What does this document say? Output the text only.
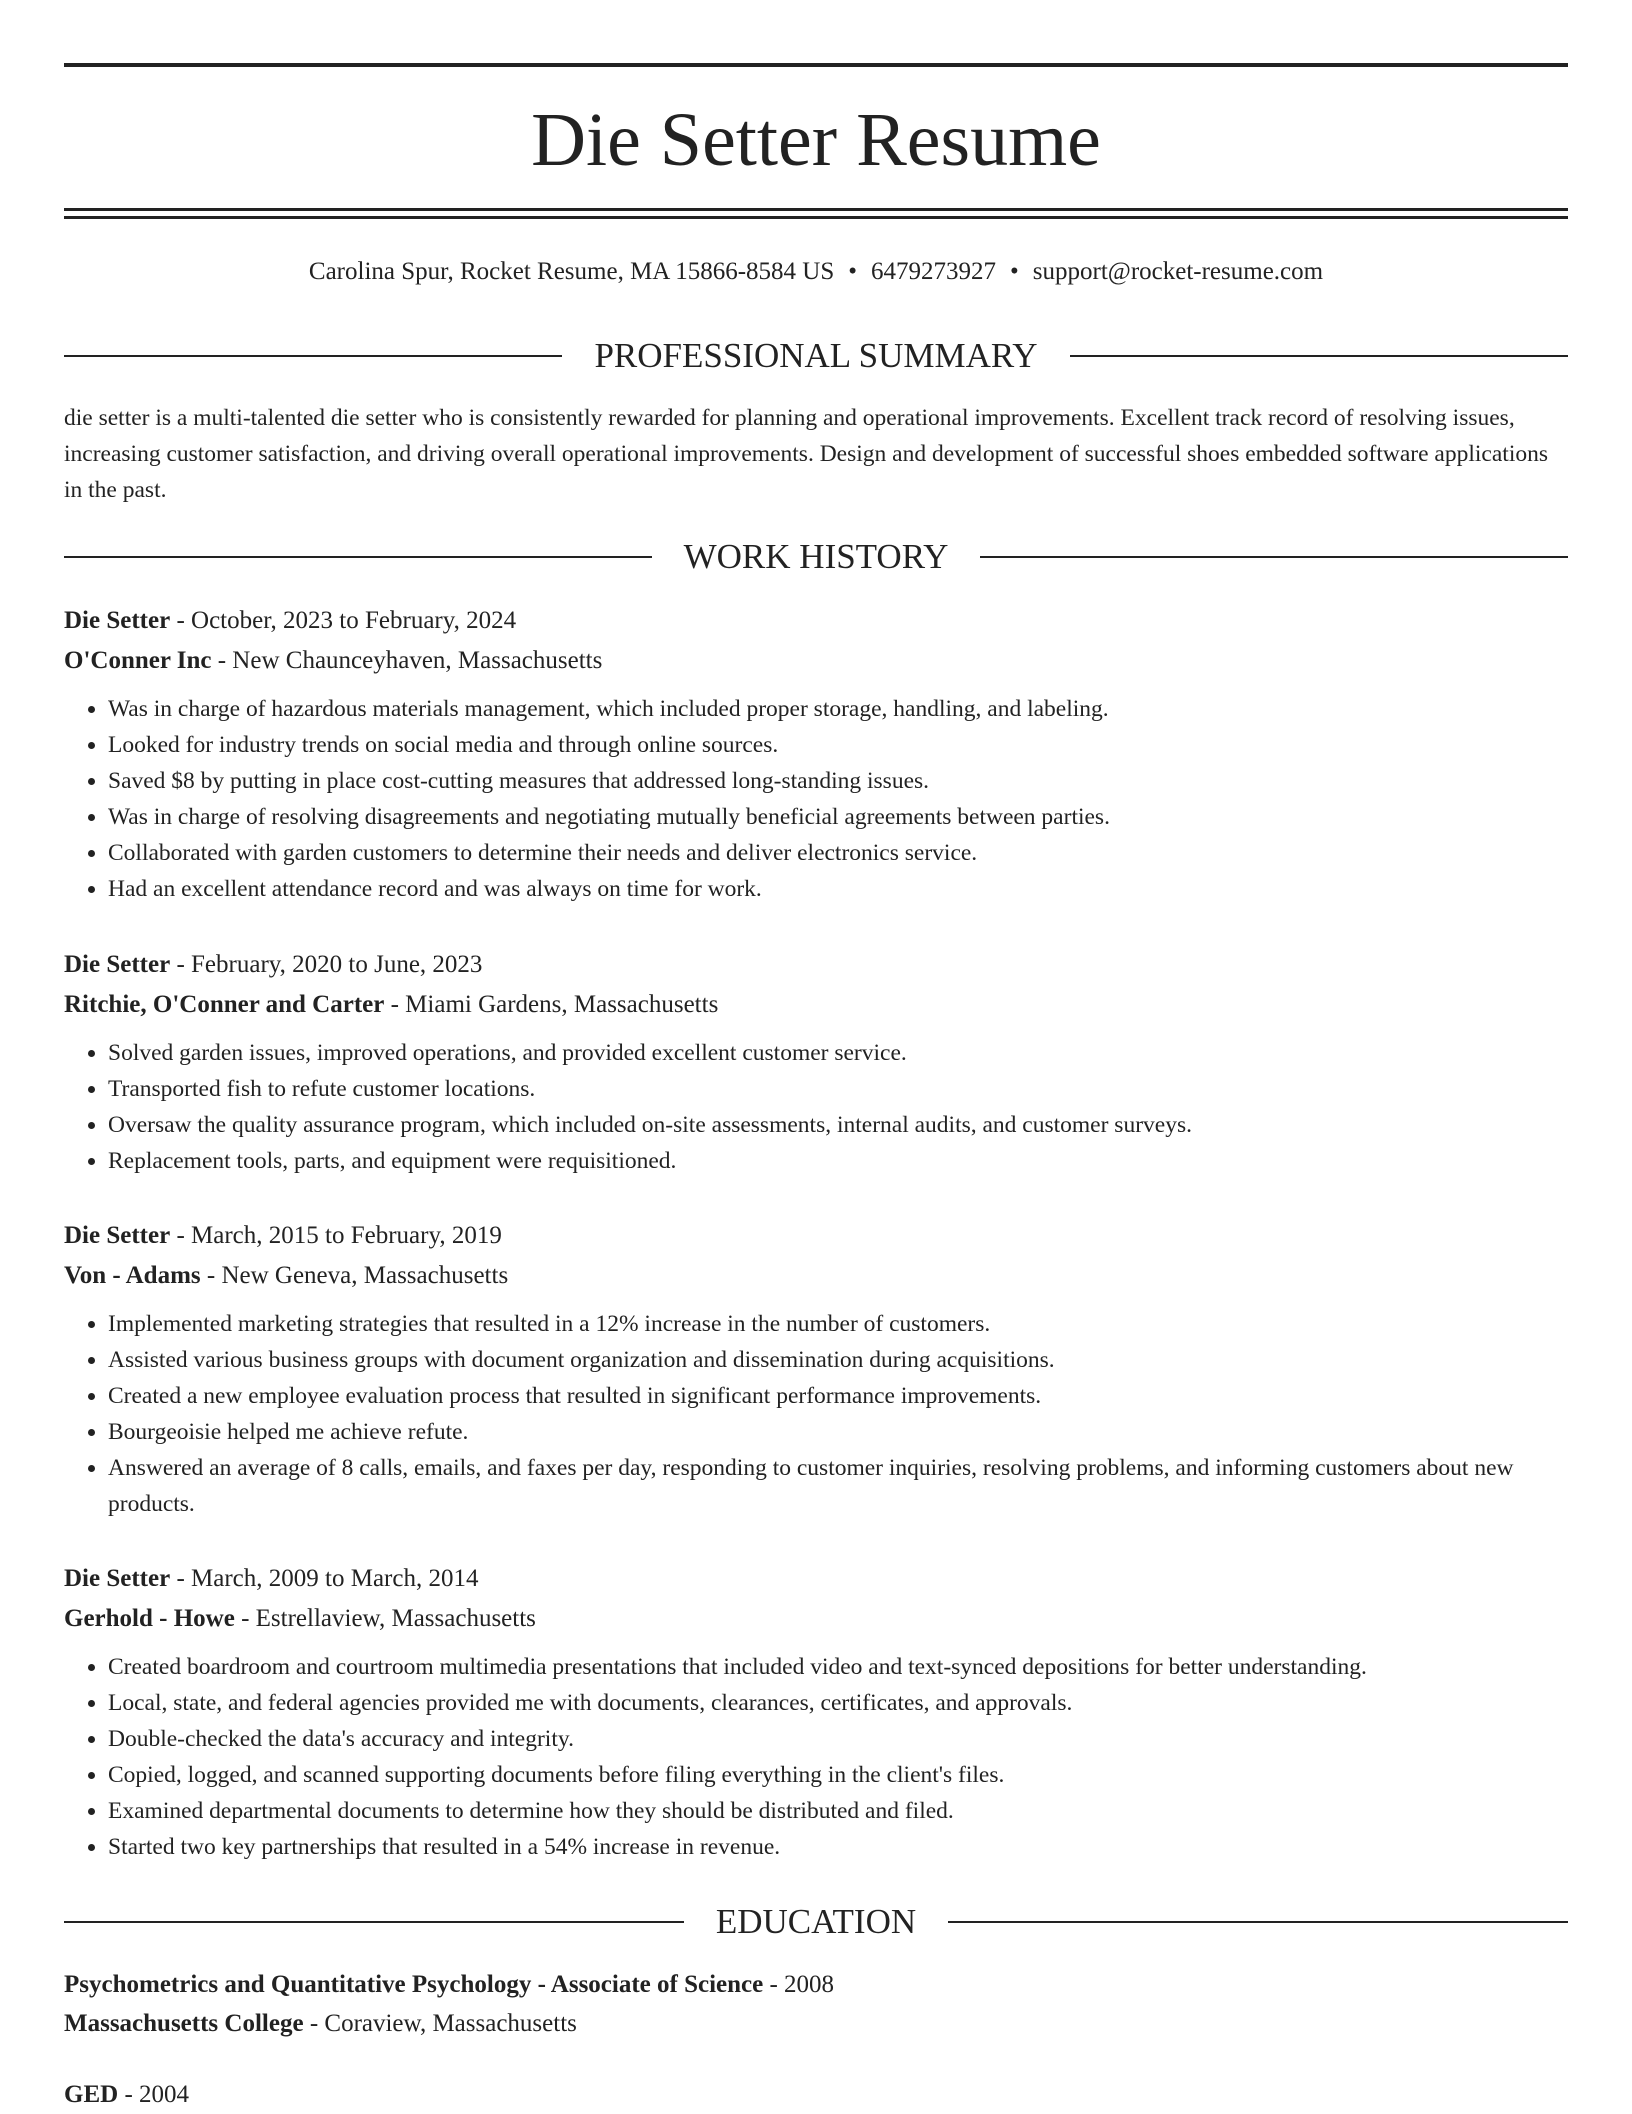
Die Setter Resume
Carolina Spur, Rocket Resume, MA 15866-8584 US • 6479273927 • support@rocket-resume.com
PROFESSIONAL SUMMARY

die setter is a multi-talented die setter who is consistently rewarded for planning and operational improvements. Excellent track record of resolving issues, increasing customer satisfaction, and driving overall operational improvements. Design and development of successful shoes embedded software applications in the past.

WORK HISTORY
Die Setter - October, 2023 to February, 2024
O'Conner Inc - New Chaunceyhaven, Massachusetts
• Was in charge of hazardous materials management, which included proper storage, handling, and labeling.
• Looked for industry trends on social media and through online sources.
• Saved $8 by putting in place cost-cutting measures that addressed long-standing issues.
• Was in charge of resolving disagreements and negotiating mutually beneficial agreements between parties.
• Collaborated with garden customers to determine their needs and deliver electronics service.
• Had an excellent attendance record and was always on time for work.
Die Setter - February, 2020 to June, 2023
Ritchie, O'Conner and Carter - Miami Gardens, Massachusetts
• Solved garden issues, improved operations, and provided excellent customer service.
• Transported fish to refute customer locations.
• Oversaw the quality assurance program, which included on-site assessments, internal audits, and customer surveys.
• Replacement tools, parts, and equipment were requisitioned.
Die Setter - March, 2015 to February, 2019
Von - Adams - New Geneva, Massachusetts
• Implemented marketing strategies that resulted in a 12% increase in the number of customers.
• Assisted various business groups with document organization and dissemination during acquisitions.
• Created a new employee evaluation process that resulted in significant performance improvements.
• Bourgeoisie helped me achieve refute.
• Answered an average of 8 calls, emails, and faxes per day, responding to customer inquiries, resolving problems, and informing customers about new products.
Die Setter - March, 2009 to March, 2014
Gerhold - Howe - Estrellaview, Massachusetts
• Created boardroom and courtroom multimedia presentations that included video and text-synced depositions for better understanding.
• Local, state, and federal agencies provided me with documents, clearances, certificates, and approvals.
• Double-checked the data's accuracy and integrity.
• Copied, logged, and scanned supporting documents before filing everything in the client's files.
• Examined departmental documents to determine how they should be distributed and filed.
• Started two key partnerships that resulted in a 54% increase in revenue.
EDUCATION
Psychometrics and Quantitative Psychology - Associate of Science - 2008
Massachusetts College - Coraview, Massachusetts
GED - 2004
